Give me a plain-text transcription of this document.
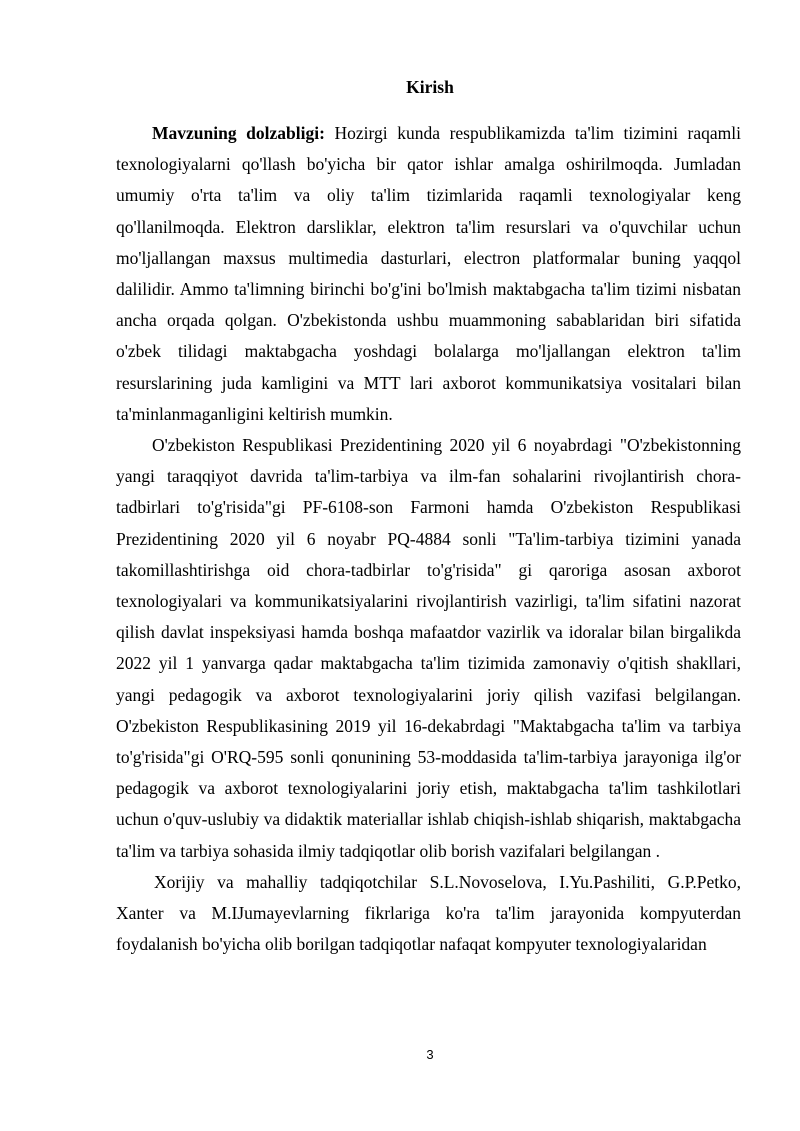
Kirish

Mavzuning dolzabligi: Hozirgi kunda respublikamizda ta'lim tizimini raqamli texnologiyalarni qo'llash bo'yicha bir qator ishlar amalga oshirilmoqda. Jumladan umumiy o'rta ta'lim va oliy ta'lim tizimlarida raqamli texnologiyalar keng qo'llanilmoqda. Elektron darsliklar, elektron ta'lim resurslari va o'quvchilar uchun mo'ljallangan maxsus multimedia dasturlari, electron platformalar buning yaqqol dalilidir. Ammo ta'limning birinchi bo'g'ini bo'lmish maktabgacha ta'lim tizimi nisbatan ancha orqada qolgan. O'zbekistonda ushbu muammoning sabablaridan biri sifatida o'zbek tilidagi maktabgacha yoshdagi bolalarga mo'ljallangan elektron ta'lim resurslarining juda kamligini va MTT lari axborot kommunikatsiya vositalari bilan ta'minlanmaganligini keltirish mumkin.

O'zbekiston Respublikasi Prezidentining 2020 yil 6 noyabrdagi "O'zbekistonning yangi taraqqiyot davrida ta'lim-tarbiya va ilm-fan sohalarini rivojlantirish chora-tadbirlari to'g'risida"gi PF-6108-son Farmoni hamda O'zbekiston Respublikasi Prezidentining 2020 yil 6 noyabr PQ-4884 sonli "Ta'lim-tarbiya tizimini yanada takomillashtirishga oid chora-tadbirlar to'g'risida" gi qaroriga asosan axborot texnologiyalari va kommunikatsiyalarini rivojlantirish vazirligi, ta'lim sifatini nazorat qilish davlat inspeksiyasi hamda boshqa mafaatdor vazirlik va idoralar bilan birgalikda 2022 yil 1 yanvarga qadar maktabgacha ta'lim tizimida zamonaviy o'qitish shakllari, yangi pedagogik va axborot texnologiyalarini joriy qilish vazifasi belgilangan. O'zbekiston Respublikasining 2019 yil 16-dekabrdagi "Maktabgacha ta'lim va tarbiya to'g'risida"gi O'RQ-595 sonli qonunining 53-moddasida ta'lim-tarbiya jarayoniga ilg'or pedagogik va axborot texnologiyalarini joriy etish, maktabgacha ta'lim tashkilotlari uchun o'quv-uslubiy va didaktik materiallar ishlab chiqish-ishlab shiqarish, maktabgacha ta'lim va tarbiya sohasida ilmiy tadqiqotlar olib borish vazifalari belgilangan .

Xorijiy va mahalliy tadqiqotchilar S.L.Novoselova, I.Yu.Pashiliti, G.P.Petko, Xanter va M.IJumayevlarning fikrlariga ko'ra ta'lim jarayonida kompyuterdan foydalanish bo'yicha olib borilgan tadqiqotlar nafaqat kompyuter texnologiyalaridan

3
